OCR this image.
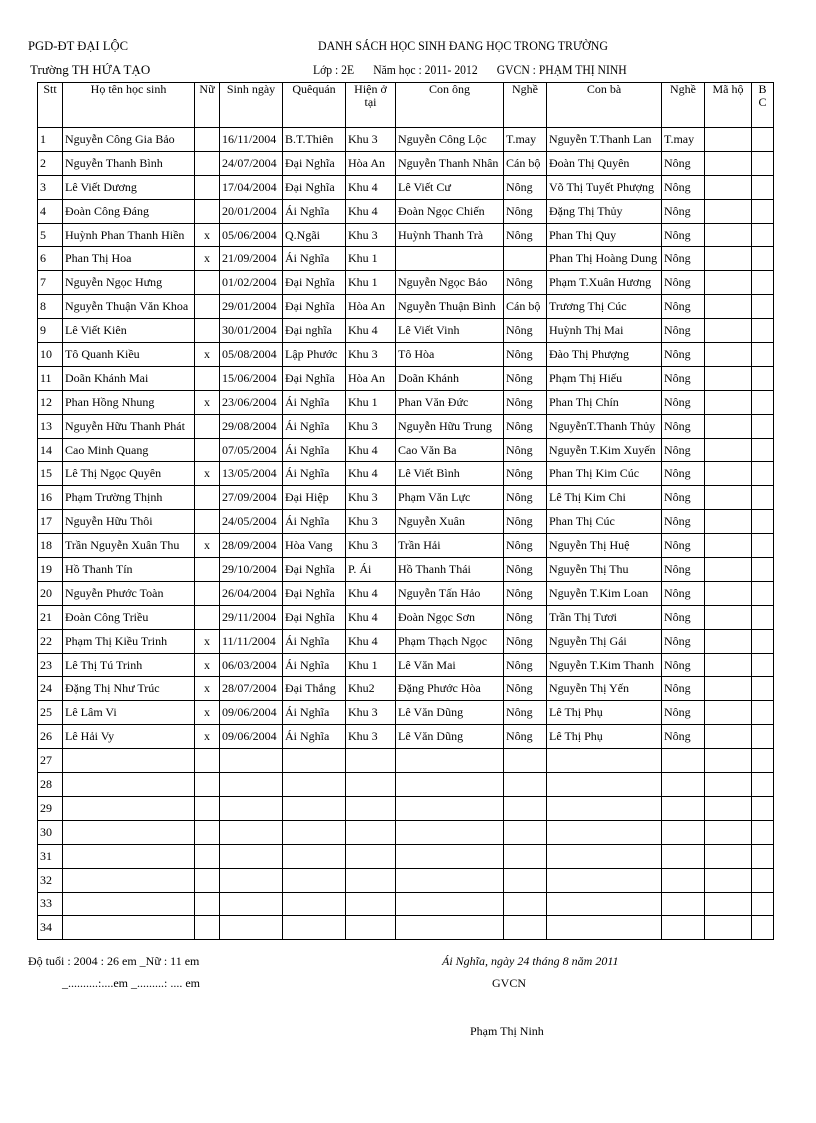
PGD-ĐT ĐẠI LỘC
Trường TH HỨA TẠO
DANH SÁCH HỌC SINH ĐANG HỌC TRONG TRƯỜNG
Lớp : 2E Năm học : 2011- 2012 GVCN : PHẠM THỊ NINH
Stt	Họ tên học sinh	Nữ	Sinh ngày	Quêquán	Hiện ở tại	Con ông	Nghề	Con bà	Nghề	Mã hộ	B C
1	Nguyễn Công Gia Bảo		16/11/2004	B.T.Thiên	Khu 3	Nguyễn Công Lộc	T.may	Nguyễn T.Thanh Lan	T.may		
2	Nguyễn Thanh Bình		24/07/2004	Đại Nghĩa	Hòa An	Nguyễn Thanh Nhân	Cán bộ	Đoàn Thị Quyên	Nông		
3	Lê Viết Dương		17/04/2004	Đại Nghĩa	Khu 4	Lê Viết Cư	Nông	Võ Thị Tuyết Phượng	Nông		
4	Đoàn Công Đáng		20/01/2004	Ái Nghĩa	Khu 4	Đoàn Ngọc Chiến	Nông	Đặng Thị Thủy	Nông		
5	Huỳnh Phan Thanh Hiền	x	05/06/2004	Q.Ngãi	Khu 3	Huỳnh Thanh Trà	Nông	Phan Thị Quy	Nông		
6	Phan Thị Hoa	x	21/09/2004	Ái Nghĩa	Khu 1			Phan Thị Hoàng Dung	Nông		
7	Nguyễn Ngọc Hưng		01/02/2004	Đại Nghĩa	Khu 1	Nguyễn Ngọc Bảo	Nông	Phạm T.Xuân Hương	Nông		
8	Nguyễn Thuận Văn Khoa		29/01/2004	Đại Nghĩa	Hòa An	Nguyễn Thuận Bình	Cán bộ	Trương Thị Cúc	Nông		
9	Lê Viết Kiên		30/01/2004	Đại nghĩa	Khu 4	Lê Viết Vinh	Nông	Huỳnh Thị Mai	Nông		
10	Tô Quanh Kiều	x	05/08/2004	Lập Phước	Khu 3	Tô Hòa	Nông	Đào Thị Phượng	Nông		
11	Doãn Khánh Mai		15/06/2004	Đại Nghĩa	Hòa An	Doãn Khánh	Nông	Phạm Thị Hiếu	Nông		
12	Phan Hồng Nhung	x	23/06/2004	Ái Nghĩa	Khu 1	Phan Văn Đức	Nông	Phan Thị Chín	Nông		
13	Nguyễn Hữu Thanh Phát		29/08/2004	Ái Nghĩa	Khu 3	Nguyễn Hữu Trung	Nông	NguyễnT.Thanh Thủy	Nông		
14	Cao Minh Quang		07/05/2004	Ái Nghĩa	Khu 4	Cao Văn Ba	Nông	Nguyễn T.Kim Xuyến	Nông		
15	Lê Thị Ngọc Quyên	x	13/05/2004	Ái Nghĩa	Khu 4	Lê Viết Bình	Nông	Phan Thị Kim Cúc	Nông		
16	Phạm Trường Thịnh		27/09/2004	Đại Hiệp	Khu 3	Phạm Văn Lực	Nông	Lê Thị Kim Chi	Nông		
17	Nguyễn Hữu Thôi		24/05/2004	Ái Nghĩa	Khu 3	Nguyễn Xuân	Nông	Phan Thị Cúc	Nông		
18	Trần Nguyễn Xuân Thu	x	28/09/2004	Hòa Vang	Khu 3	Trần Hải	Nông	Nguyễn Thị Huệ	Nông		
19	Hồ Thanh Tín		29/10/2004	Đại Nghĩa	P. Ái	Hồ Thanh Thái	Nông	Nguyễn Thị Thu	Nông		
20	Nguyễn Phước Toàn		26/04/2004	Đại Nghĩa	Khu 4	Nguyễn Tấn Hảo	Nông	Nguyễn T.Kim Loan	Nông		
21	Đoàn Công Triều		29/11/2004	Đại Nghĩa	Khu 4	Đoàn Ngọc Sơn	Nông	Trần Thị Tươi	Nông		
22	Phạm Thị Kiều Trinh	x	11/11/2004	Ái Nghĩa	Khu 4	Phạm Thạch Ngọc	Nông	Nguyễn Thị Gái	Nông		
23	Lê Thị Tú Trinh	x	06/03/2004	Ái Nghĩa	Khu 1	Lê Văn Mai	Nông	Nguyễn T.Kim Thanh	Nông		
24	Đặng Thị Như Trúc	x	28/07/2004	Đại Thắng	Khu2	Đặng Phước Hòa	Nông	Nguyễn Thị Yến	Nông		
25	Lê Lâm Vi	x	09/06/2004	Ái Nghĩa	Khu 3	Lê Văn Dũng	Nông	Lê Thị Phụ	Nông		
26	Lê Hải Vy	x	09/06/2004	Ái Nghĩa	Khu 3	Lê Văn Dũng	Nông	Lê Thị Phụ	Nông		
27											
28											
29											
30											
31											
32											
33											
34											
Độ tuổi : 2004 : 26 em _Nữ : 11 em
_..........:....em _.........: .... em
Ái Nghĩa, ngày 24 tháng 8 năm 2011
GVCN
Phạm Thị Ninh
